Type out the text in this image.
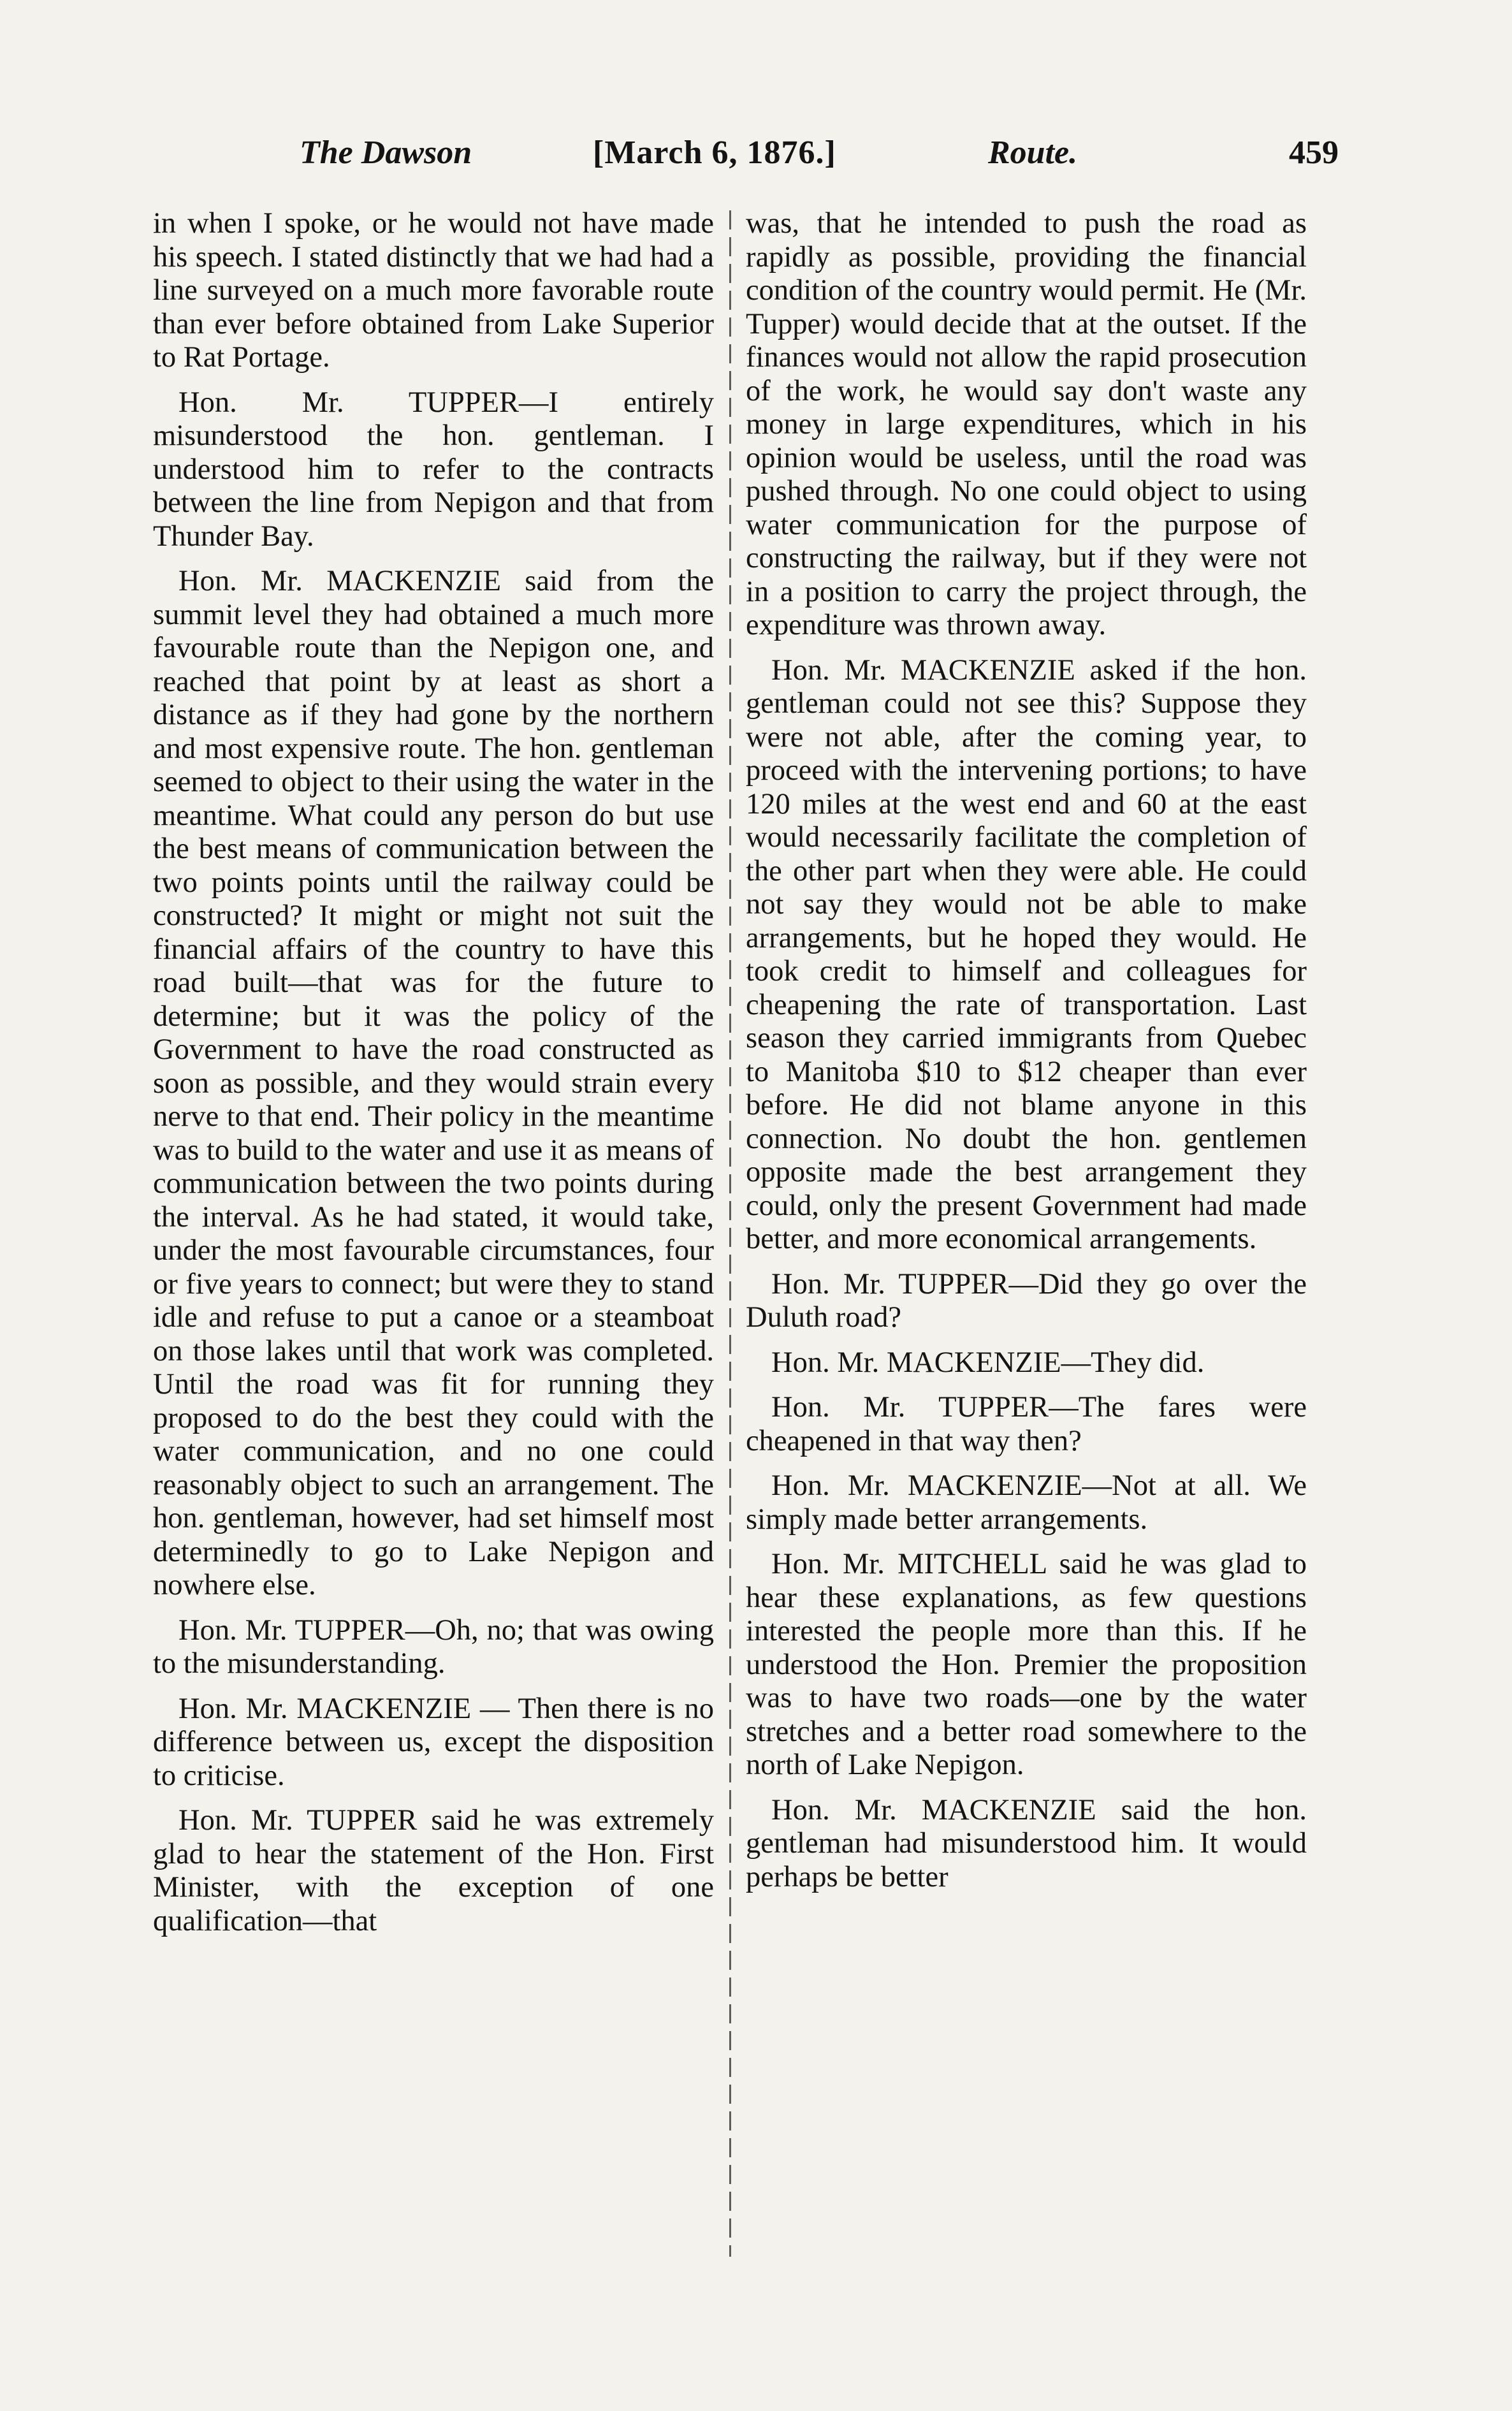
The Dawson	[March 6, 1876.]	Route.	459

in when I spoke, or he would not have made his speech. I stated distinctly that we had had a line surveyed on a much more favorable route than ever before obtained from Lake Superior to Rat Portage.

Hon. Mr. TUPPER—I entirely misunderstood the hon. gentleman. I understood him to refer to the contracts between the line from Nepigon and that from Thunder Bay.

Hon. Mr. MACKENZIE said from the summit level they had obtained a much more favourable route than the Nepigon one, and reached that point by at least as short a distance as if they had gone by the northern and most expensive route. The hon. gentleman seemed to object to their using the water in the meantime. What could any person do but use the best means of communication between the two points points until the railway could be constructed? It might or might not suit the financial affairs of the country to have this road built—that was for the future to determine; but it was the policy of the Government to have the road constructed as soon as possible, and they would strain every nerve to that end. Their policy in the meantime was to build to the water and use it as means of communication between the two points during the interval. As he had stated, it would take, under the most favourable circumstances, four or five years to connect; but were they to stand idle and refuse to put a canoe or a steamboat on those lakes until that work was completed. Until the road was fit for running they proposed to do the best they could with the water communication, and no one could reasonably object to such an arrangement. The hon. gentleman, however, had set himself most determinedly to go to Lake Nepigon and nowhere else.

Hon. Mr. TUPPER—Oh, no; that was owing to the misunderstanding.

Hon. Mr. MACKENZIE — Then there is no difference between us, except the disposition to criticise.

Hon. Mr. TUPPER said he was extremely glad to hear the statement of the Hon. First Minister, with the exception of one qualification—that

was, that he intended to push the road as rapidly as possible, providing the financial condition of the country would permit. He (Mr. Tupper) would decide that at the outset. If the finances would not allow the rapid prosecution of the work, he would say don't waste any money in large expenditures, which in his opinion would be useless, until the road was pushed through. No one could object to using water communication for the purpose of constructing the railway, but if they were not in a position to carry the project through, the expenditure was thrown away.

Hon. Mr. MACKENZIE asked if the hon. gentleman could not see this? Suppose they were not able, after the coming year, to proceed with the intervening portions; to have 120 miles at the west end and 60 at the east would necessarily facilitate the completion of the other part when they were able. He could not say they would not be able to make arrangements, but he hoped they would. He took credit to himself and colleagues for cheapening the rate of transportation. Last season they carried immigrants from Quebec to Manitoba $10 to $12 cheaper than ever before. He did not blame anyone in this connection. No doubt the hon. gentlemen opposite made the best arrangement they could, only the present Government had made better, and more economical arrangements.

Hon. Mr. TUPPER—Did they go over the Duluth road?

Hon. Mr. MACKENZIE—They did.

Hon. Mr. TUPPER—The fares were cheapened in that way then?

Hon. Mr. MACKENZIE—Not at all. We simply made better arrangements.

Hon. Mr. MITCHELL said he was glad to hear these explanations, as few questions interested the people more than this. If he understood the Hon. Premier the proposition was to have two roads—one by the water stretches and a better road somewhere to the north of Lake Nepigon.

Hon. Mr. MACKENZIE said the hon. gentleman had misunderstood him. It would perhaps be better
